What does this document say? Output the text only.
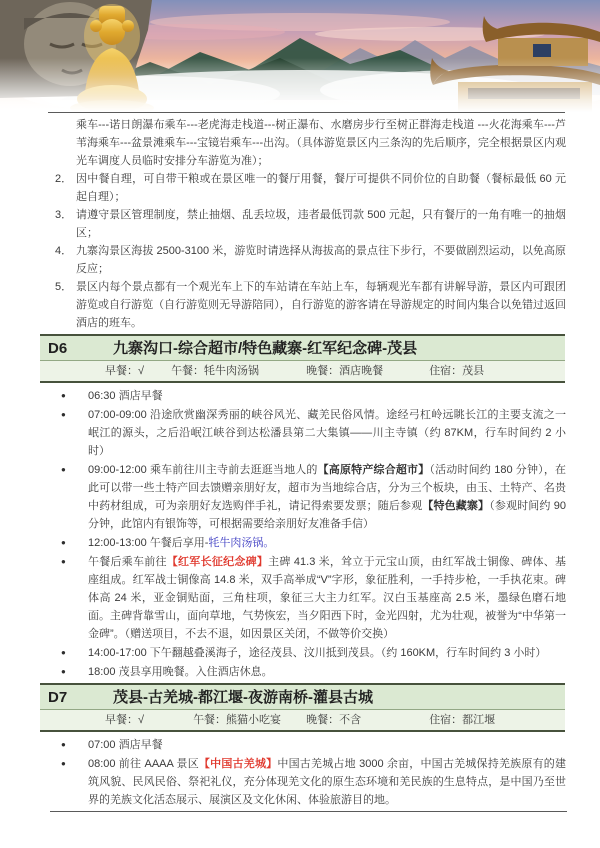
乘车---诺日朗瀑布乘车---老虎海走栈道---树正瀑布、水磨房步行至树正群海走栈道 ---火花海乘车---芦苇海乘车---盆景滩乘车---宝镜岩乘车---出沟。（具体游览景区内三条沟的先后顺序，完全根据景区内观光车调度人员临时安排分车游览为准）；

2． 因中餐自理，可自带干粮或在景区唯一的餐厅用餐，餐厅可提供不同价位的自助餐（餐标最低 60 元起自理）；
3． 请遵守景区管理制度，禁止抽烟、乱丢垃圾，违者最低罚款 500 元起，只有餐厅的一角有唯一的抽烟区；
4． 九寨沟景区海拔 2500-3100 米，游览时请选择从海拔高的景点往下步行，不要做剧烈运动，以免高原反应；
5． 景区内每个景点都有一个观光车上下的车站请在车站上车，每辆观光车都有讲解导游，景区内可跟团游览或自行游览（自行游览则无导游陪同），自行游览的游客请在导游规定的时间内集合以免错过返回酒店的班车。
D6	九寨沟口-综合超市/特色藏寨-红军纪念碑-茂县
早餐：√ 午餐：牦牛肉汤锅	晚餐：酒店晚餐	住宿：茂县
●	06:30 酒店早餐
●	07:00-09:00 沿途欣赏幽深秀丽的峡谷风光、藏羌民俗风情。途经弓杠岭远眺长江的主要支流之一岷江的源头，之后沿岷江峡谷到达松潘县第二大集镇——川主寺镇（约 87KM，行车时间约 2 小时）
●	09:00-12:00 乘车前往川主寺前去逛逛当地人的【高原特产综合超市】（活动时间约 180 分钟），在此可以带一些土特产回去馈赠亲朋好友，超市为当地综合店，分为三个板块，由玉、土特产、名贵中药材组成，可为亲朋好友选购伴手礼，请记得索要发票；随后参观【特色藏寨】（参观时间约 90 分钟，此馆内有银饰等，可根据需要给亲朋好友准备手信）
●	12:00-13:00 午餐后享用-牦牛肉汤锅。
●	午餐后乘车前往【红军长征纪念碑】主碑 41.3 米，耸立于元宝山顶，由红军战士铜像、碑体、基座组成。红军战士铜像高 14.8 米，双手高举成“V”字形，象征胜利，一手持步枪，一手执花束。碑体高 24 米，亚金铜贴面，三角柱项，象征三大主力红军。汉白玉基座高 2.5 米，墨绿色磨石地面。主碑背靠雪山，面向草地，气势恢宏，当夕阳西下时，金光四射，尤为壮观，被誉为“中华第一金碑”。（赠送项目，不去不退，如因景区关闭，不做等价交换）
●	14:00-17:00 下午翻越叠溪海子，途径茂县、汶川抵到茂县。（约 160KM，行车时间约 3 小时）
●	18:00 茂县享用晚餐。入住酒店休息。
D7	茂县-古羌城-都江堰-夜游南桥-灌县古城
早餐：√	午餐：熊猫小吃宴 晚餐：不含	住宿：都江堰
●	07:00 酒店早餐
●	08:00 前往 AAAA 景区【中国古羌城】中国古羌城占地 3000 余亩，中国古羌城保持羌族原有的建筑风貌、民风民俗、祭祀礼仪，充分体现羌文化的原生态环境和羌民族的生息特点，是中国乃至世界的羌族文化活态展示、展演区及文化休闲、体验旅游目的地。
